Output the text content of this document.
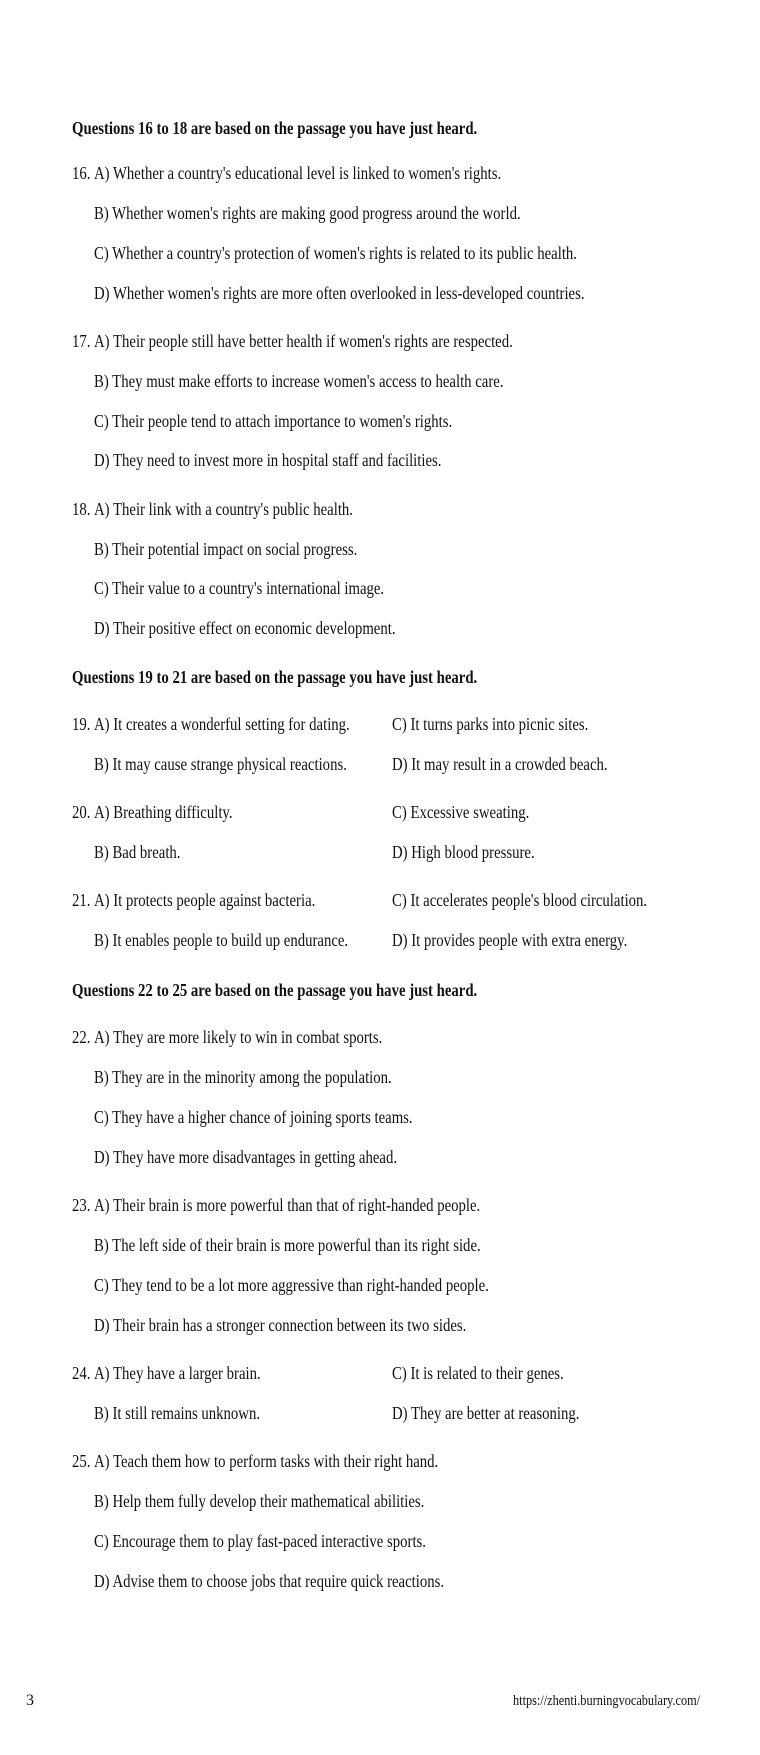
Questions 16 to 18 are based on the passage you have just heard.
16. A) Whether a country's educational level is linked to women's rights.
B) Whether women's rights are making good progress around the world.
C) Whether a country's protection of women's rights is related to its public health.
D) Whether women's rights are more often overlooked in less-developed countries.
17. A) Their people still have better health if women's rights are respected.
B) They must make efforts to increase women's access to health care.
C) Their people tend to attach importance to women's rights.
D) They need to invest more in hospital staff and facilities.
18. A) Their link with a country's public health.
B) Their potential impact on social progress.
C) Their value to a country's international image.
D) Their positive effect on economic development.
Questions 19 to 21 are based on the passage you have just heard.
19. A) It creates a wonderful setting for dating.
B) It may cause strange physical reactions.
C) It turns parks into picnic sites.
D) It may result in a crowded beach.
20. A) Breathing difficulty.
B) Bad breath.
C) Excessive sweating.
D) High blood pressure.
21. A) It protects people against bacteria.
B) It enables people to build up endurance.
C) It accelerates people's blood circulation.
D) It provides people with extra energy.
Questions 22 to 25 are based on the passage you have just heard.
22. A) They are more likely to win in combat sports.
B) They are in the minority among the population.
C) They have a higher chance of joining sports teams.
D) They have more disadvantages in getting ahead.
23. A) Their brain is more powerful than that of right-handed people.
B) The left side of their brain is more powerful than its right side.
C) They tend to be a lot more aggressive than right-handed people.
D) Their brain has a stronger connection between its two sides.
24. A) They have a larger brain.
B) It still remains unknown.
C) It is related to their genes.
D) They are better at reasoning.
25. A) Teach them how to perform tasks with their right hand.
B) Help them fully develop their mathematical abilities.
C) Encourage them to play fast-paced interactive sports.
D) Advise them to choose jobs that require quick reactions.
3	https://zhenti.burningvocabulary.com/
